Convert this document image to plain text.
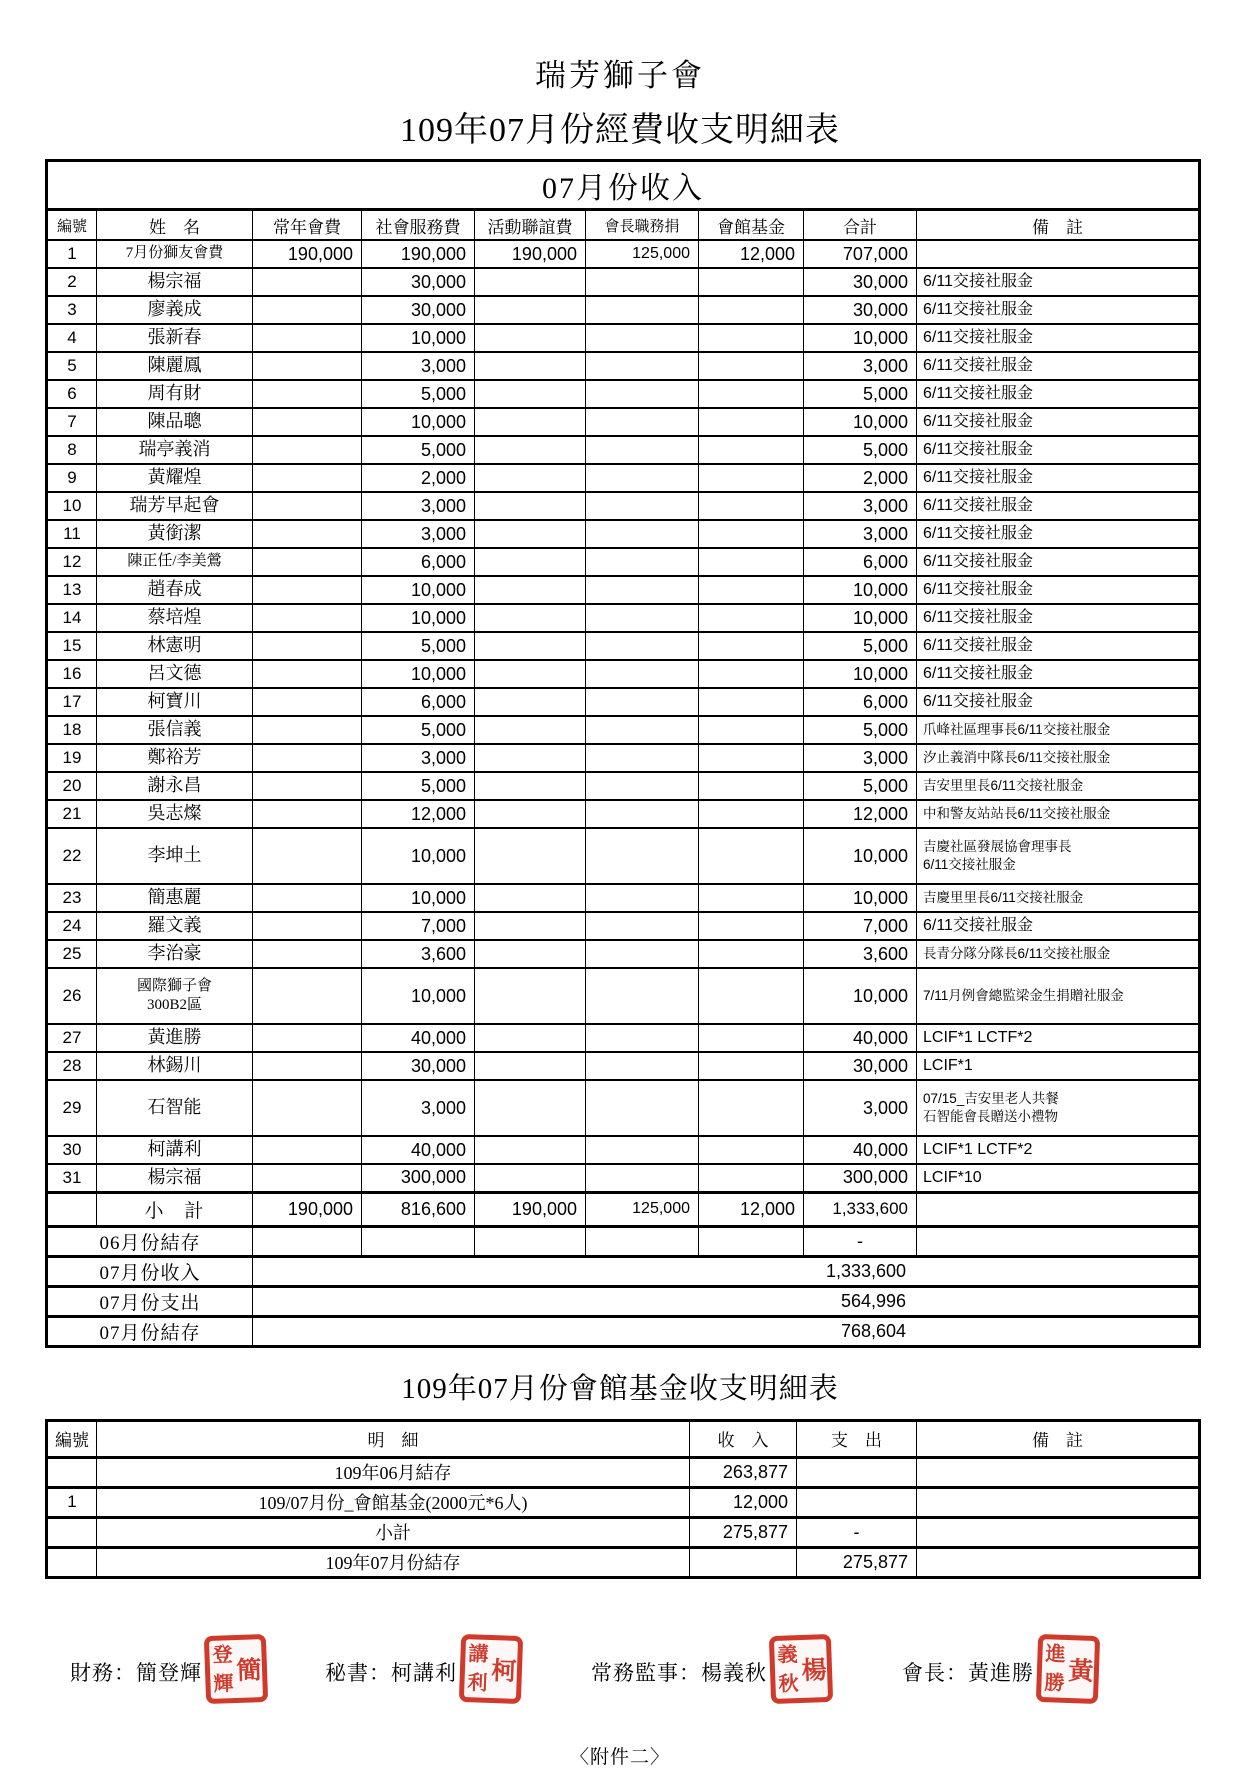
瑞芳獅子會
109年07月份經費收支明細表
07月份收入								
編號	姓　名	常年會費	社會服務費	活動聯誼費	會長職務捐	會館基金	合計	備　註
1	7月份獅友會費	190,000	190,000	190,000	125,000	12,000	707,000	
2	楊宗福		30,000				30,000	6/11交接社服金
3	廖義成		30,000				30,000	6/11交接社服金
4	張新春		10,000				10,000	6/11交接社服金
5	陳麗鳳		3,000				3,000	6/11交接社服金
6	周有財		5,000				5,000	6/11交接社服金
7	陳品聰		10,000				10,000	6/11交接社服金
8	瑞亭義消		5,000				5,000	6/11交接社服金
9	黃耀煌		2,000				2,000	6/11交接社服金
10	瑞芳早起會		3,000				3,000	6/11交接社服金
11	黃銜潔		3,000				3,000	6/11交接社服金
12	陳正任/李美鶯		6,000				6,000	6/11交接社服金
13	趙春成		10,000				10,000	6/11交接社服金
14	蔡培煌		10,000				10,000	6/11交接社服金
15	林憲明		5,000				5,000	6/11交接社服金
16	呂文德		10,000				10,000	6/11交接社服金
17	柯寶川		6,000				6,000	6/11交接社服金
18	張信義		5,000				5,000	爪峰社區理事長6/11交接社服金
19	鄭裕芳		3,000				3,000	汐止義消中隊長6/11交接社服金
20	謝永昌		5,000				5,000	吉安里里長6/11交接社服金
21	吳志燦		12,000				12,000	中和警友站站長6/11交接社服金
22	李坤土		10,000				10,000	吉慶社區發展協會理事長
6/11交接社服金
23	簡惠麗		10,000				10,000	吉慶里里長6/11交接社服金
24	羅文義		7,000				7,000	6/11交接社服金
25	李治豪		3,600				3,600	長青分隊分隊長6/11交接社服金
26	國際獅子會
300B2區		10,000				10,000	7/11月例會總監梁金生捐贈社服金
27	黃進勝		40,000				40,000	LCIF*1 LCTF*2
28	林錫川		30,000				30,000	LCIF*1
29	石智能		3,000				3,000	07/15_吉安里老人共餐
石智能會長贈送小禮物
30	柯講利		40,000				40,000	LCIF*1 LCTF*2
31	楊宗福		300,000				300,000	LCIF*10
	小　計	190,000	816,600	190,000	125,000	12,000	1,333,600	
06月份結存							-	
07月份收入		1,333,600						
07月份支出		564,996						
07月份結存		768,604						
109年07月份會館基金收支明細表
編號	明　細	收　入	支　出	備　註
	109年06月結存	263,877		
1	109/07月份_會館基金(2000元*6人)	12,000		
	小計	275,877	-	
	109年07月份結存		275,877	
財務：簡登輝
登
輝 簡	秘書：柯講利
講
利 柯	常務監事：楊義秋
義
秋 楊	會長：黃進勝
進
勝 黃
〈附件二〉
